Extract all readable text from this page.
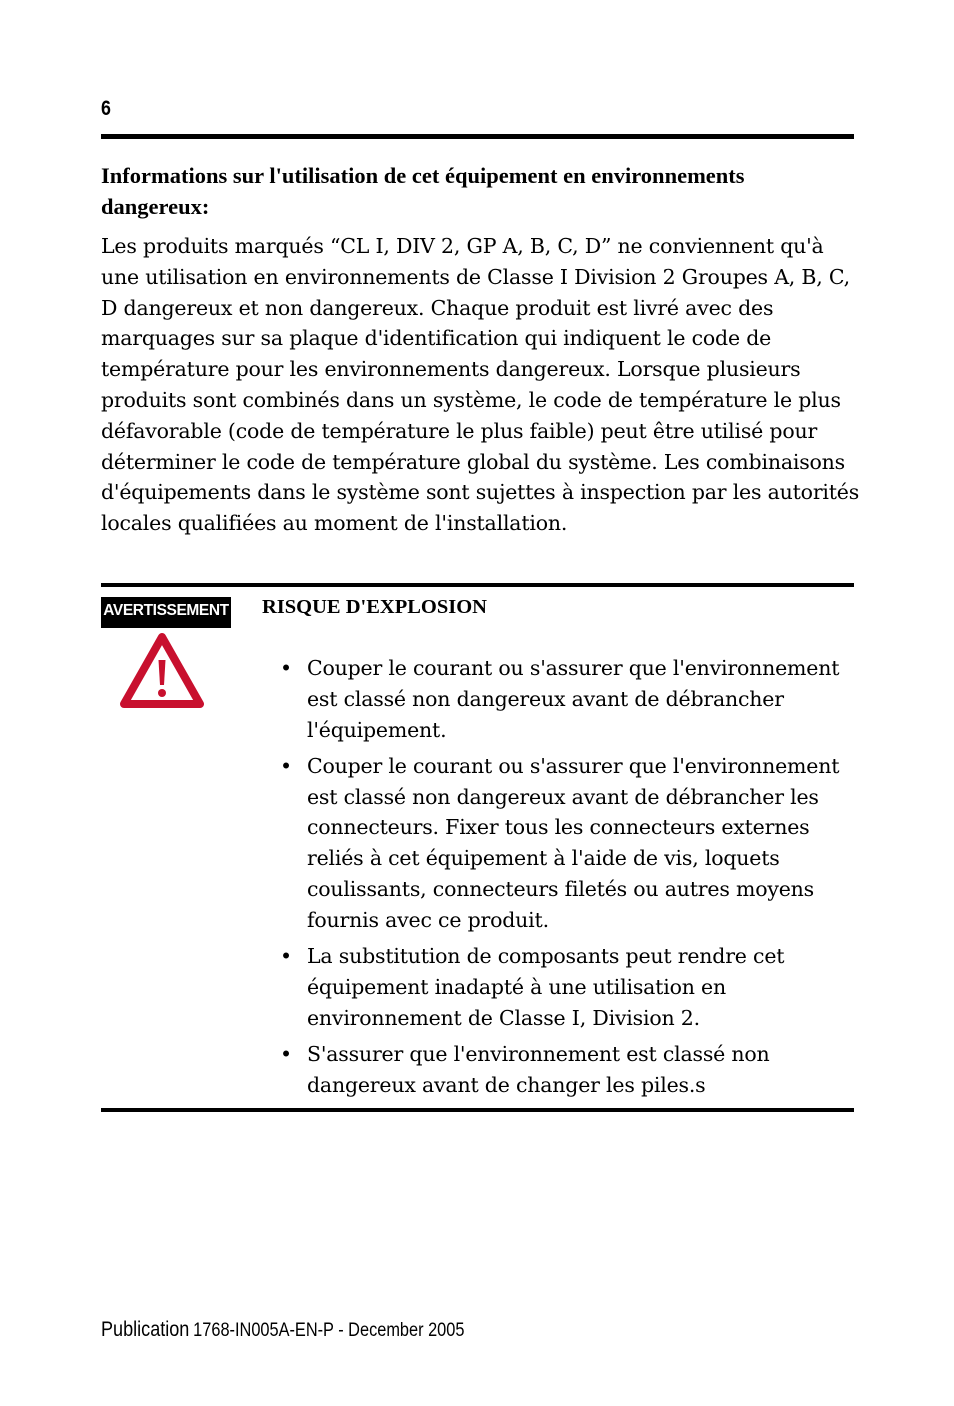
6
Informations sur l'utilisation de cet équipement en environnements dangereux:

Les produits marqués “CL I, DIV 2, GP A, B, C, D” ne conviennent qu'à une utilisation en environnements de Classe I Division 2 Groupes A, B, C, D dangereux et non dangereux. Chaque produit est livré avec des marquages sur sa plaque d'identification qui indiquent le code de température pour les environnements dangereux. Lorsque plusieurs produits sont combinés dans un système, le code de température le plus défavorable (code de température le plus faible) peut être utilisé pour déterminer le code de température global du système. Les combinaisons d'équipements dans le système sont sujettes à inspection par les autorités locales qualifiées au moment de l'installation.

AVERTISSEMENT RISQUE D'EXPLOSION
• Couper le courant ou s'assurer que l'environnement est classé non dangereux avant de débrancher l'équipement.
• Couper le courant ou s'assurer que l'environnement est classé non dangereux avant de débrancher les connecteurs. Fixer tous les connecteurs externes reliés à cet équipement à l'aide de vis, loquets coulissants, connecteurs filetés ou autres moyens fournis avec ce produit.
• La substitution de composants peut rendre cet équipement inadapté à une utilisation en environnement de Classe I, Division 2.
• S'assurer que l'environnement est classé non dangereux avant de changer les piles.s
Publication 1768-IN005A-EN-P - December 2005
